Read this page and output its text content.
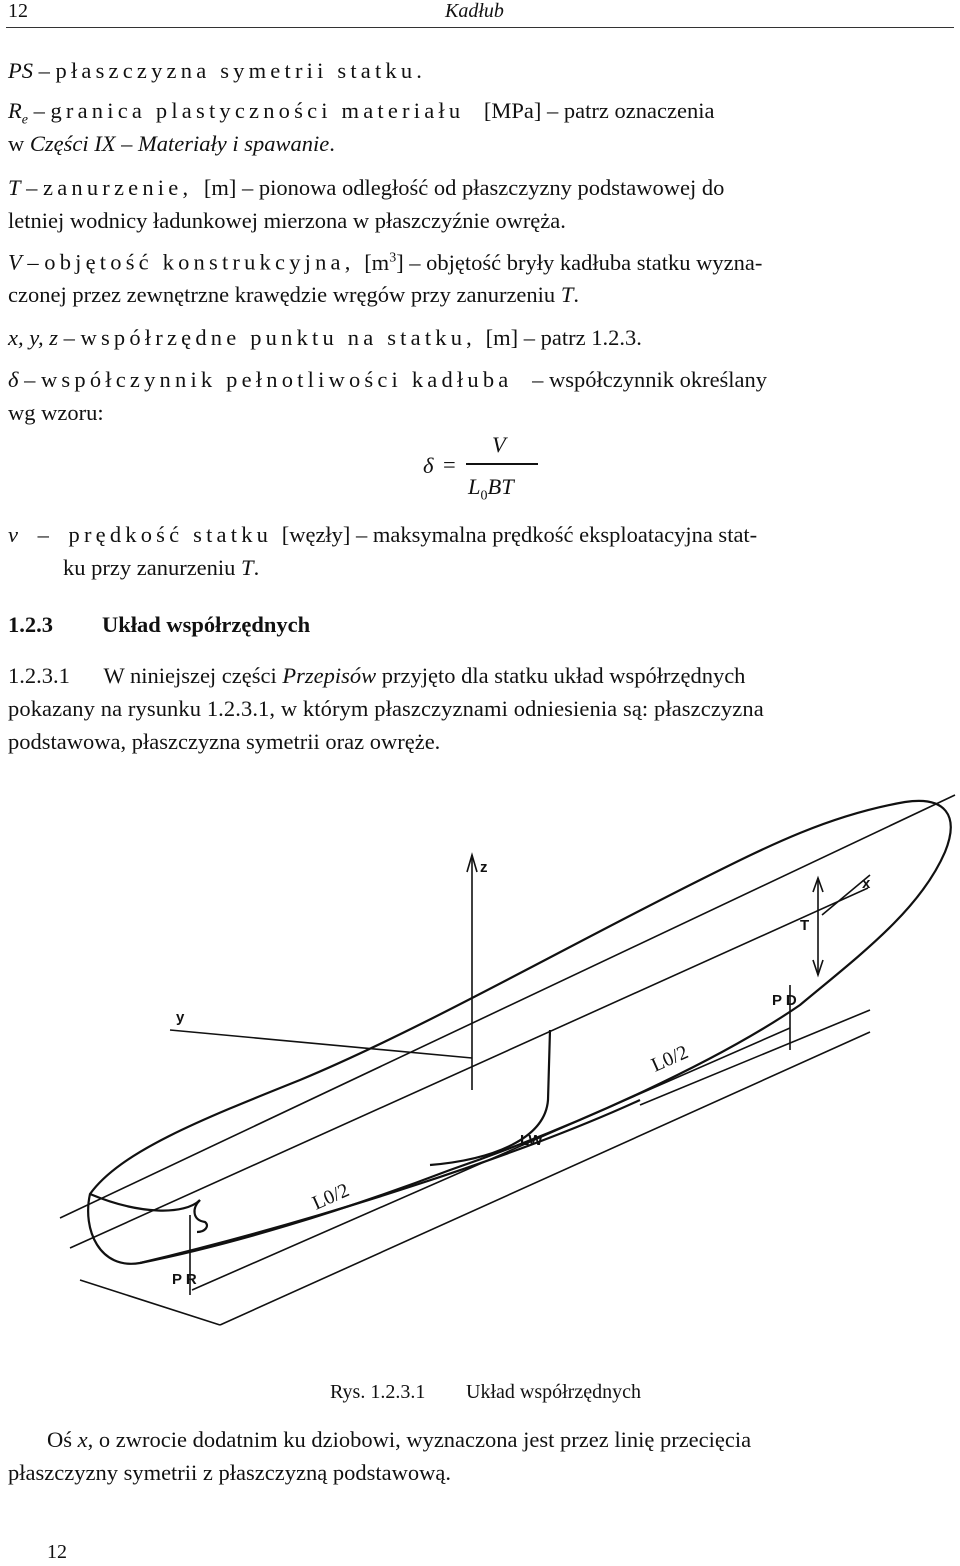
12	Kadłub
PS – płaszczyzna symetrii statku.
$R_e$ – granica plastyczności materiału [MPa] – patrz oznaczenia
w Części IX – Materiały i spawanie.
T – zanurzenie, [m] – pionowa odległość od płaszczyzny podstawowej do
letniej wodnicy ładunkowej mierzona w płaszczyźnie owręża.
V – objętość konstrukcyjna, $[m^3]$ – objętość bryły kadłuba statku wyzna-
czonej przez zewnętrzne krawędzie wręgów przy zanurzeniu T.
x, y, z – współrzędne punktu na statku, [m] – patrz 1.2.3.
δ – współczynnik pełnotliwości kadłuba – współczynnik określany
wg wzoru:
δ =
V
$L_0BT$
v – prędkość statku [węzły] – maksymalna prędkość eksploatacyjna stat-
ku przy zanurzeniu T.
1.2.3 Układ współrzędnych
1.2.3.1 W niniejszej części Przepisów przyjęto dla statku układ współrzędnych
pokazany na rysunku 1.2.3.1, w którym płaszczyznami odniesienia są: płaszczyzna
podstawowa, płaszczyzna symetrii oraz owręże.
z
y
x
T
P D
P R
LW
L0/2
L0/2
Rys. 1.2.3.1 Układ współrzędnych
Oś x, o zwrocie dodatnim ku dziobowi, wyznaczona jest przez linię przecięcia
płaszczyzny symetrii z płaszczyzną podstawową.
12
